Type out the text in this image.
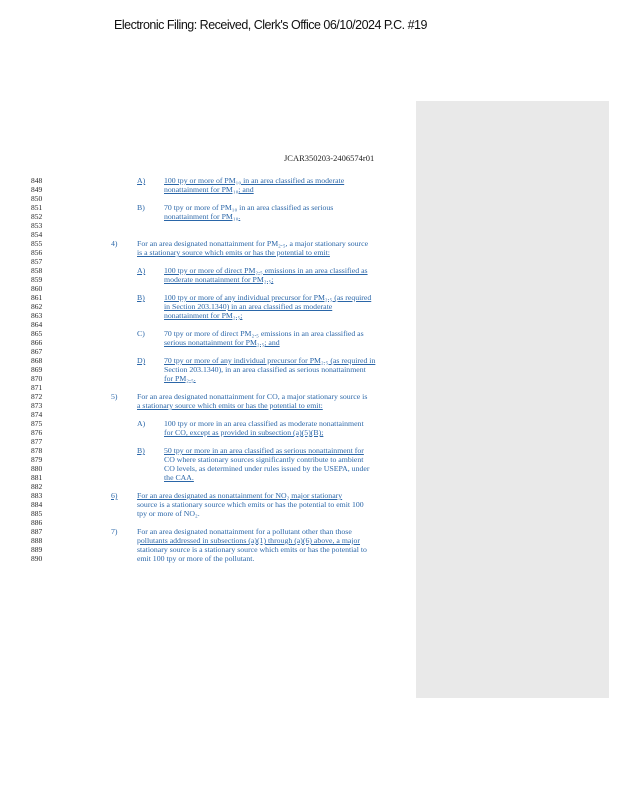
Electronic Filing: Received, Clerk's Office 06/10/2024 P.C. #19
JCAR350203-2406574r01
848
849
850
851
852
853
854
855
856
857
858
859
860
861
862
863
864
865
866
867
868
869
870
871
872
873
874
875
876
877
878
879
880
881
882
883
884
885
886
887
888
889
890
A) 100 tpy or more of PM₁₀ in an area classified as moderate
nonattainment for PM₁₀; and
B) 70 tpy or more of PM₁₀ in an area classified as serious
nonattainment for PM₁₀.
4)	For an area designated nonattainment for PM₂.₅, a major stationary source
is a stationary source which emits or has the potential to emit:
A) 100 tpy or more of direct PM₂.₅ emissions in an area classified as
moderate nonattainment for PM₂.₅;
B) 100 tpy or more of any individual precursor for PM₂.₅ (as required
in Section 203.1340) in an area classified as moderate
nonattainment for PM₂.₅;
C) 70 tpy or more of direct PM₂.₅ emissions in an area classified as
serious nonattainment for PM₂.₅; and
D) 70 tpy or more of any individual precursor for PM₂.₅ (as required in
Section 203.1340), in an area classified as serious nonattainment
for PM₂.₅.
5)	For an area designated nonattainment for CO, a major stationary source is
a stationary source which emits or has the potential to emit:
A) 100 tpy or more in an area classified as moderate nonattainment
for CO, except as provided in subsection (a)(5)(B);
B) 50 tpy or more in an area classified as serious nonattainment for
CO where stationary sources significantly contribute to ambient
CO levels, as determined under rules issued by the USEPA, under
the CAA.
6)	For an area designated as nonattainment for NO₂ major stationary
source is a stationary source which emits or has the potential to emit 100
tpy or more of NO₂.
7)	For an area designated nonattainment for a pollutant other than those
pollutants addressed in subsections (a)(1) through (a)(6) above, a major
stationary source is a stationary source which emits or has the potential to
emit 100 tpy or more of the pollutant.
